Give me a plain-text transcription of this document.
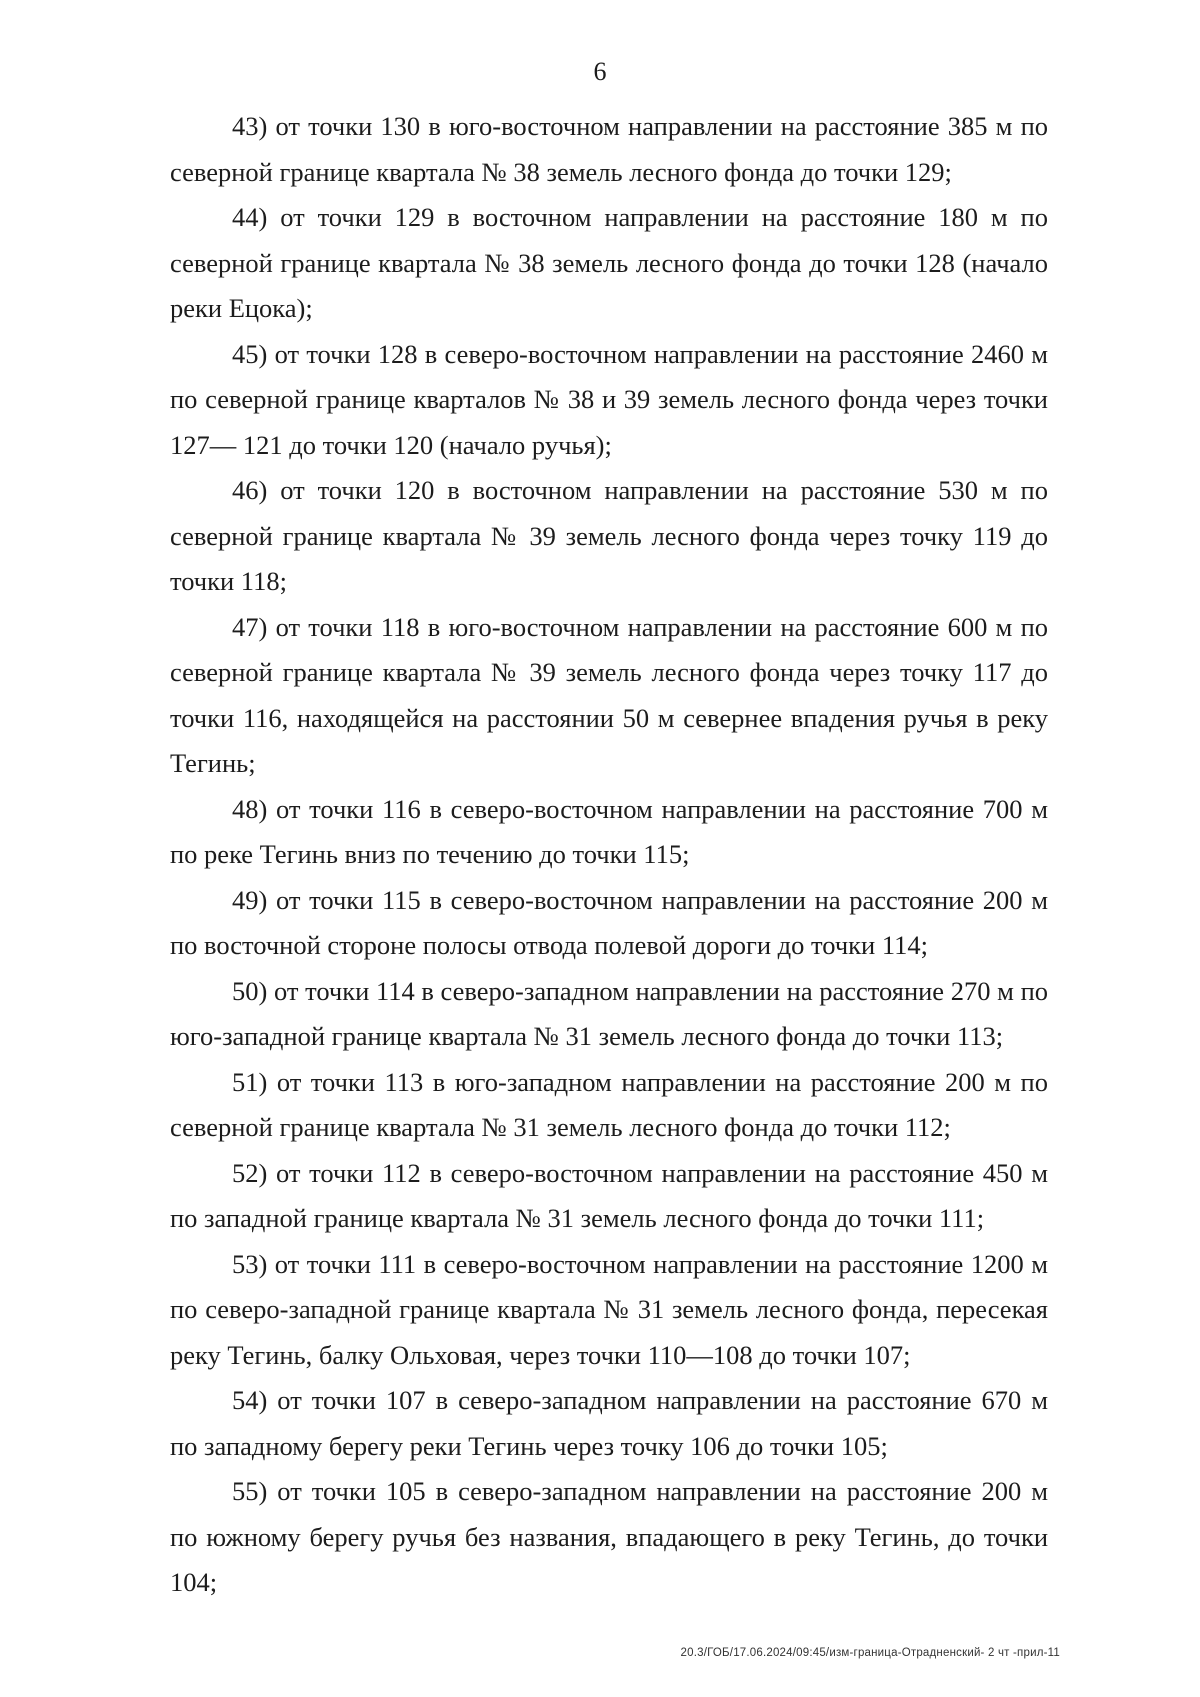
6

43) от точки 130 в юго-восточном направлении на расстояние 385 м по северной границе квартала № 38 земель лесного фонда до точки 129;

44) от точки 129 в восточном направлении на расстояние 180 м по северной границе квартала № 38 земель лесного фонда до точки 128 (начало реки Ецока);

45) от точки 128 в северо-восточном направлении на расстояние 2460 м по северной границе кварталов № 38 и 39 земель лесного фонда через точки 127— 121 до точки 120 (начало ручья);

46) от точки 120 в восточном направлении на расстояние 530 м по северной границе квартала № 39 земель лесного фонда через точку 119 до точки 118;

47) от точки 118 в юго-восточном направлении на расстояние 600 м по северной границе квартала № 39 земель лесного фонда через точку 117 до точки 116, находящейся на расстоянии 50 м севернее впадения ручья в реку Тегинь;

48) от точки 116 в северо-восточном направлении на расстояние 700 м по реке Тегинь вниз по течению до точки 115;

49) от точки 115 в северо-восточном направлении на расстояние 200 м по восточной стороне полосы отвода полевой дороги до точки 114;

50) от точки 114 в северо-западном направлении на расстояние 270 м по юго-западной границе квартала № 31 земель лесного фонда до точки 113;

51) от точки 113 в юго-западном направлении на расстояние 200 м по северной границе квартала № 31 земель лесного фонда до точки 112;

52) от точки 112 в северо-восточном направлении на расстояние 450 м по западной границе квартала № 31 земель лесного фонда до точки 111;

53) от точки 111 в северо-восточном направлении на расстояние 1200 м по северо-западной границе квартала № 31 земель лесного фонда, пересекая реку Тегинь, балку Ольховая, через точки 110—108 до точки 107;

54) от точки 107 в северо-западном направлении на расстояние 670 м по западному берегу реки Тегинь через точку 106 до точки 105;

55) от точки 105 в северо-западном направлении на расстояние 200 м по южному берегу ручья без названия, впадающего в реку Тегинь, до точки 104;

20.3/ГОБ/17.06.2024/09:45/изм-граница-Отрадненский- 2 чт -прил-11
